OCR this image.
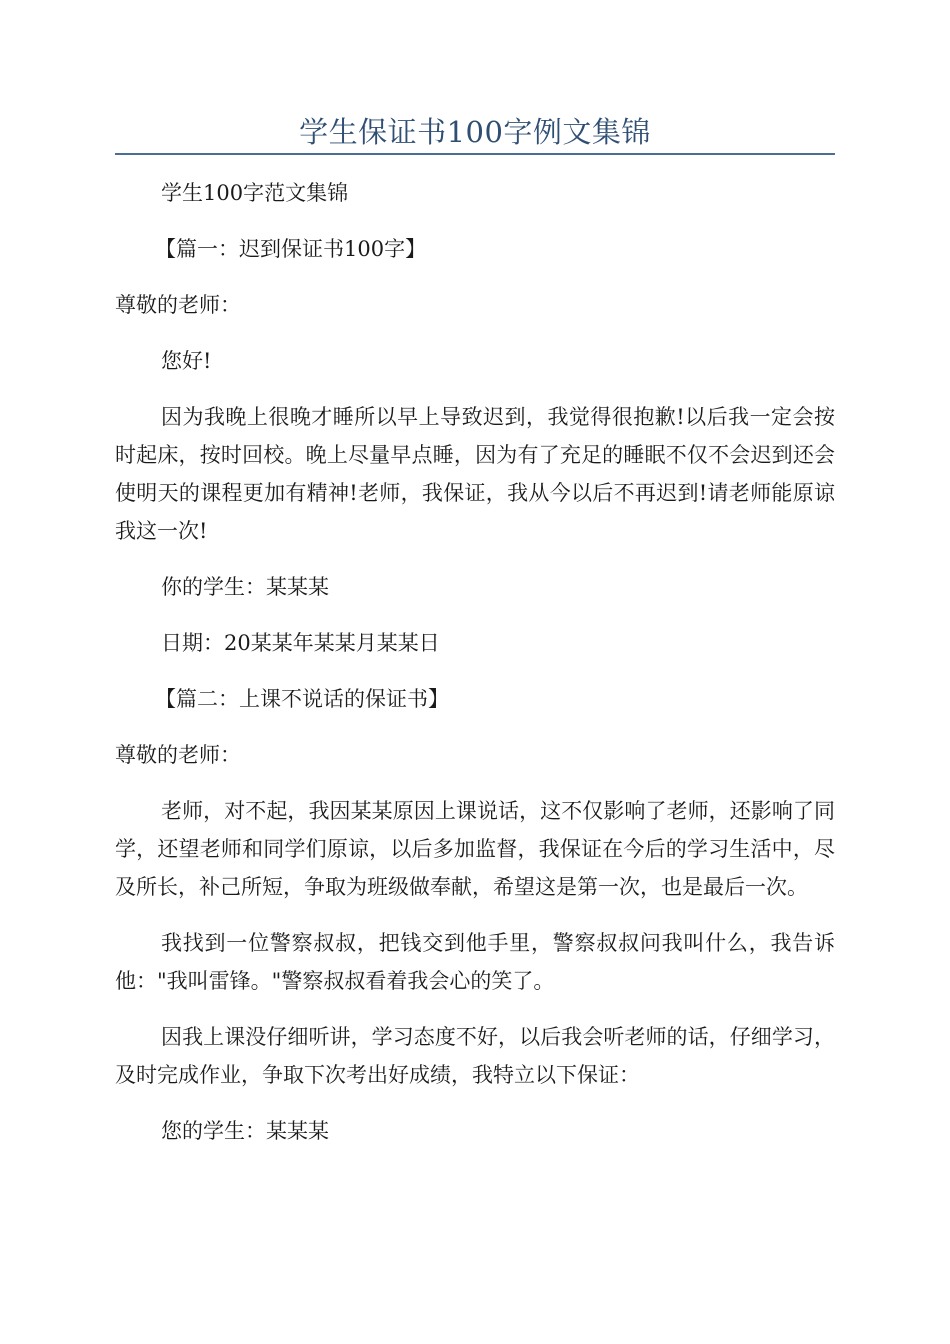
学生保证书100字例文集锦

学生100字范文集锦

【篇一：迟到保证书100字】

尊敬的老师：

您好!

因为我晚上很晚才睡所以早上导致迟到，我觉得很抱歉!以后我一定会按时起床，按时回校。晚上尽量早点睡，因为有了充足的睡眠不仅不会迟到还会使明天的课程更加有精神!老师，我保证，我从今以后不再迟到!请老师能原谅我这一次!

你的学生：某某某

日期：20某某年某某月某某日

【篇二：上课不说话的保证书】

尊敬的老师：

老师，对不起，我因某某原因上课说话，这不仅影响了老师，还影响了同学，还望老师和同学们原谅，以后多加监督，我保证在今后的学习生活中，尽及所长，补己所短，争取为班级做奉献，希望这是第一次，也是最后一次。

我找到一位警察叔叔，把钱交到他手里，警察叔叔问我叫什么，我告诉他："我叫雷锋。"警察叔叔看着我会心的笑了。

因我上课没仔细听讲，学习态度不好，以后我会听老师的话，仔细学习，及时完成作业，争取下次考出好成绩，我特立以下保证：

您的学生：某某某
